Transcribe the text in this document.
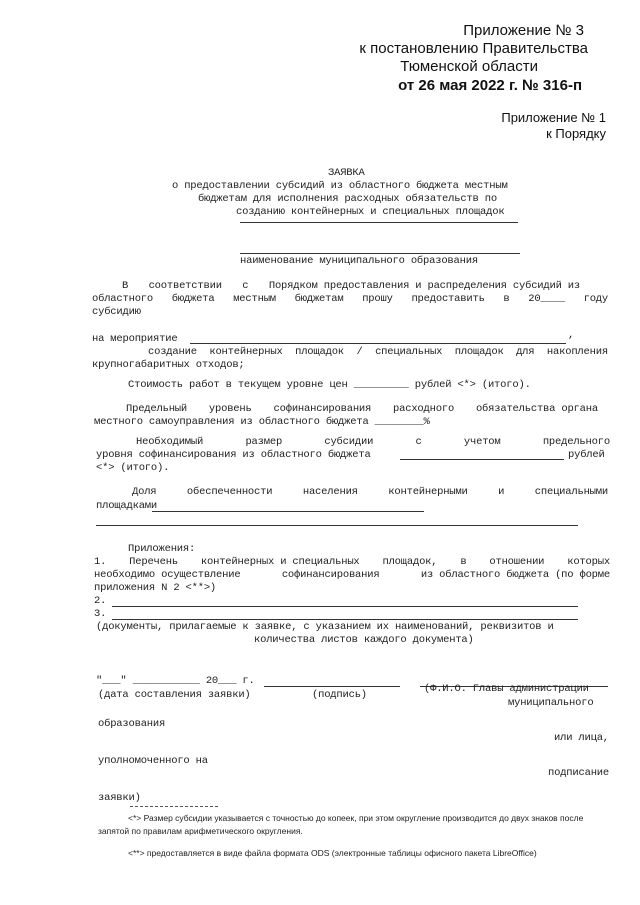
Приложение № 3
к постановлению Правительства
Тюменской области
от 26 мая 2022 г. № 316-п
Приложение № 1
к Порядку
ЗАЯВКА
о предоставлении субсидий из областного бюджета местным
бюджетам для исполнения расходных обязательств по
созданию контейнерных и специальных площадок
наименование муниципального образования
В соответствии с Порядком предоставления и распределения субсидий из
областного бюджета местным бюджетам прошу предоставить в 20____ году
субсидию
на мероприятие	,
создание контейнерных площадок / специальных площадок для накопления
крупногабаритных отходов;
Стоимость работ в текущем уровне цен _________ рублей <*> (итого).
Предельный уровень софинансирования расходного обязательства органа
местного самоуправления из областного бюджета ________%
Необходимый	размер	субсидии	с	учетом	предельного
уровня софинансирования из областного бюджета	рублей
<*> (итого).
Доля	обеспеченности	населения	контейнерными	и	специальными
площадками
Приложения:
1. Перечень контейнерных и специальных площадок, в отношении которых
необходимо осуществление	софинансирования	из областного бюджета (по форме
приложения N 2 <**>)
2.
3.
(документы, прилагаемые к заявке, с указанием их наименований, реквизитов и
количества листов каждого документа)
"___" ___________ 20___ г.
(дата составления заявки)	(подпись)	(Ф.И.О. Главы администрации
муниципального
образования
или лица,
уполномоченного на
подписание
заявки)
<*> Размер субсидии указывается с точностью до копеек, при этом округление производится до двух знаков после
запятой по правилам арифметического округления.
<**> предоставляется в виде файла формата ODS (электронные таблицы офисного пакета LibreOffice)
